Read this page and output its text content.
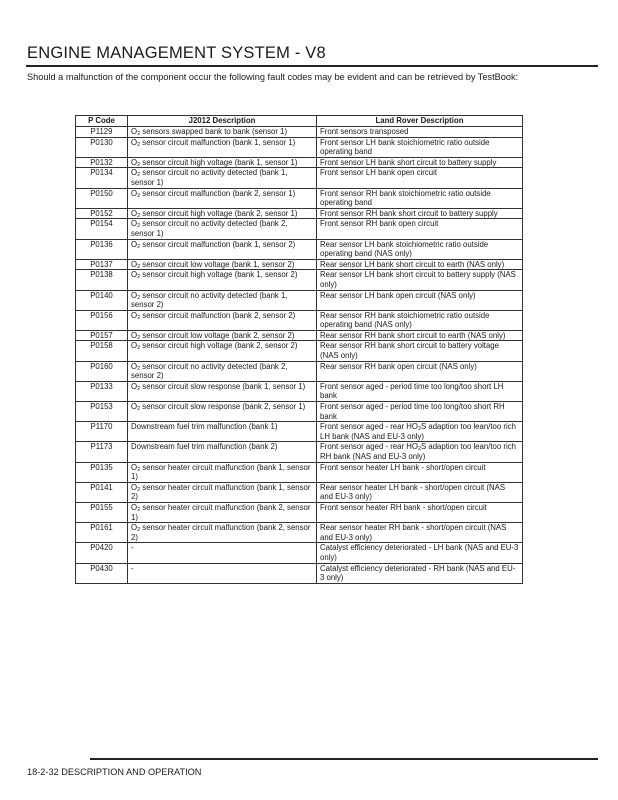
ENGINE MANAGEMENT SYSTEM - V8
Should a malfunction of the component occur the following fault codes may be evident and can be retrieved by TestBook:
P Code	J2012 Description	Land Rover Description
P1129	$O_2$ sensors swapped bank to bank (sensor 1)	Front sensors transposed
P0130	$O_2$ sensor circuit malfunction (bank 1, sensor 1)	Front sensor LH bank stoichiometric ratio outside operating band
P0132	$O_2$ sensor circuit high voltage (bank 1, sensor 1)	Front sensor LH bank short circuit to battery supply
P0134	$O_2$ sensor circuit no activity detected (bank 1, sensor 1)	Front sensor LH bank open circuit
P0150	$O_2$ sensor circuit malfunction (bank 2, sensor 1)	Front sensor RH bank stoichiometric ratio outside operating band
P0152	$O_2$ sensor circuit high voltage (bank 2, sensor 1)	Front sensor RH bank short circuit to battery supply
P0154	$O_2$ sensor circuit no activity detected (bank 2, sensor 1)	Front sensor RH bank open circuit
P0136	$O_2$ sensor circuit malfunction (bank 1, sensor 2)	Rear sensor LH bank stoichiometric ratio outside operating band (NAS only)
P0137	$O_2$ sensor circuit low voltage (bank 1, sensor 2)	Rear sensor LH bank short circuit to earth (NAS only)
P0138	$O_2$ sensor circuit high voltage (bank 1, sensor 2)	Rear sensor LH bank short circuit to battery supply (NAS only)
P0140	$O_2$ sensor circuit no activity detected (bank 1, sensor 2)	Rear sensor LH bank open circuit (NAS only)
P0156	$O_2$ sensor circuit malfunction (bank 2, sensor 2)	Rear sensor RH bank stoichiometric ratio outside operating band (NAS only)
P0157	$O_2$ sensor circuit low voltage (bank 2, sensor 2)	Rear sensor RH bank short circuit to earth (NAS only)
P0158	$O_2$ sensor circuit high voltage (bank 2, sensor 2)	Rear sensor RH bank short circuit to battery voltage (NAS only)
P0160	$O_2$ sensor circuit no activity detected (bank 2, sensor 2)	Rear sensor RH bank open circuit (NAS only)
P0133	$O_2$ sensor circuit slow response (bank 1, sensor 1)	Front sensor aged - period time too long/too short LH bank
P0153	$O_2$ sensor circuit slow response (bank 2, sensor 1)	Front sensor aged - period time too long/too short RH bank
P1170	Downstream fuel trim malfunction (bank 1)	Front sensor aged - rear $HO_2S$ adaption too lean/too rich LH bank (NAS and EU-3 only)
P1173	Downstream fuel trim malfunction (bank 2)	Front sensor aged - rear $HO_2S$ adaption too lean/too rich RH bank (NAS and EU-3 only)
P0135	$O_2$ sensor heater circuit malfunction (bank 1, sensor 1)	Front sensor heater LH bank - short/open circuit
P0141	$O_2$ sensor heater circuit malfunction (bank 1, sensor 2)	Rear sensor heater LH bank - short/open circuit (NAS and EU-3 only)
P0155	$O_2$ sensor heater circuit malfunction (bank 2, sensor 1)	Front sensor heater RH bank - short/open circuit
P0161	$O_2$ sensor heater circuit malfunction (bank 2, sensor 2)	Rear sensor heater RH bank - short/open circuit (NAS and EU-3 only)
P0420	-	Catalyst efficiency deteriorated - LH bank (NAS and EU-3 only)
P0430	-	Catalyst efficiency deteriorated - RH bank (NAS and EU-3 only)
18-2-32 DESCRIPTION AND OPERATION
